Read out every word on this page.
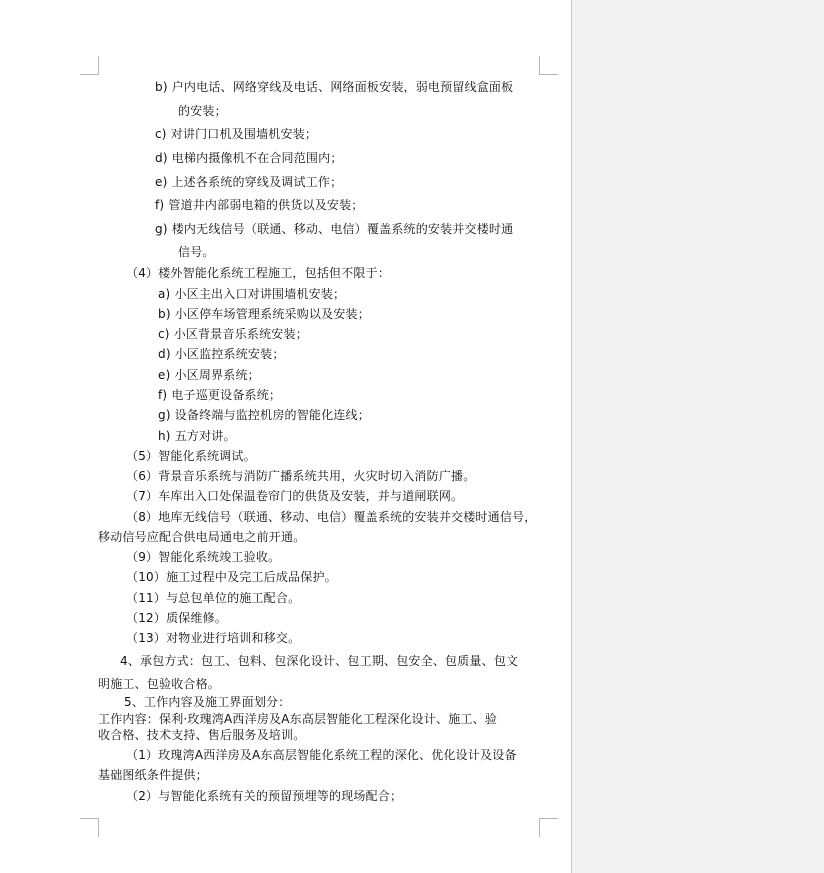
b) 户内电话、网络穿线及电话、网络面板安装，弱电预留线盒面板
的安装；
c) 对讲门口机及围墙机安装；
d) 电梯内摄像机不在合同范围内；
e) 上述各系统的穿线及调试工作；
f) 管道井内部弱电箱的供货以及安装；
g) 楼内无线信号（联通、移动、电信）覆盖系统的安装并交楼时通
信号。
（4）楼外智能化系统工程施工，包括但不限于：
a) 小区主出入口对讲围墙机安装；
b) 小区停车场管理系统采购以及安装；
c) 小区背景音乐系统安装；
d) 小区监控系统安装；
e) 小区周界系统；
f) 电子巡更设备系统；
g) 设备终端与监控机房的智能化连线；
h) 五方对讲。
（5）智能化系统调试。
（6）背景音乐系统与消防广播系统共用，火灾时切入消防广播。
（7）车库出入口处保温卷帘门的供货及安装，并与道闸联网。
（8）地库无线信号（联通、移动、电信）覆盖系统的安装并交楼时通信号，
移动信号应配合供电局通电之前开通。
（9）智能化系统竣工验收。
（10）施工过程中及完工后成品保护。
（11）与总包单位的施工配合。
（12）质保维修。
（13）对物业进行培训和移交。
4、承包方式：包工、包料、包深化设计、包工期、包安全、包质量、包文
明施工、包验收合格。
5、工作内容及施工界面划分：
工作内容：保利·玫瑰湾A西洋房及A东高层智能化工程深化设计、施工、验
收合格、技术支持、售后服务及培训。
（1）玫瑰湾A西洋房及A东高层智能化系统工程的深化、优化设计及设备
基础图纸条件提供；
（2）与智能化系统有关的预留预埋等的现场配合；
